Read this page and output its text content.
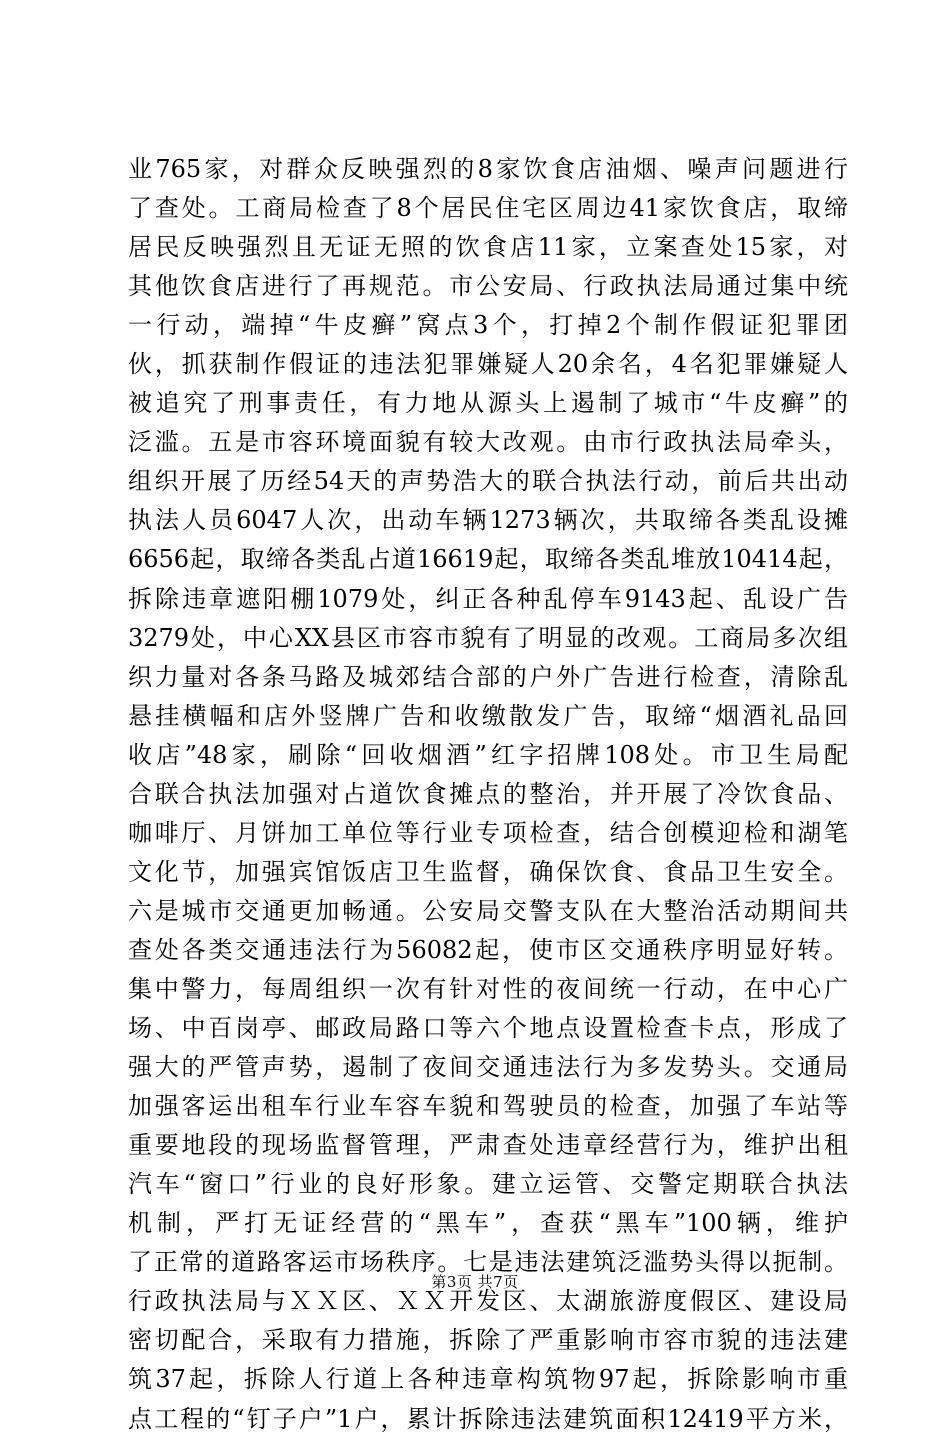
业765家，对群众反映强烈的8家饮食店油烟、噪声问题进行
了查处。工商局检查了8个居民住宅区周边41家饮食店，取缔
居民反映强烈且无证无照的饮食店11家，立案查处15家，对
其他饮食店进行了再规范。市公安局、行政执法局通过集中统
一行动，端掉“牛皮癣”窝点3个，打掉2个制作假证犯罪团
伙，抓获制作假证的违法犯罪嫌疑人20余名，4名犯罪嫌疑人
被追究了刑事责任，有力地从源头上遏制了城市“牛皮癣”的
泛滥。五是市容环境面貌有较大改观。由市行政执法局牵头，
组织开展了历经54天的声势浩大的联合执法行动，前后共出动
执法人员6047人次，出动车辆1273辆次，共取缔各类乱设摊
6656起，取缔各类乱占道16619起，取缔各类乱堆放10414起，
拆除违章遮阳棚1079处，纠正各种乱停车9143起、乱设广告
3279处，中心XX县区市容市貌有了明显的改观。工商局多次组
织力量对各条马路及城郊结合部的户外广告进行检查，清除乱
悬挂横幅和店外竖牌广告和收缴散发广告，取缔“烟酒礼品回
收店”48家，刷除“回收烟酒”红字招牌108处。市卫生局配
合联合执法加强对占道饮食摊点的整治，并开展了冷饮食品、
咖啡厅、月饼加工单位等行业专项检查，结合创模迎检和湖笔
文化节，加强宾馆饭店卫生监督，确保饮食、食品卫生安全。
六是城市交通更加畅通。公安局交警支队在大整治活动期间共
查处各类交通违法行为56082起，使市区交通秩序明显好转。
集中警力，每周组织一次有针对性的夜间统一行动，在中心广
场、中百岗亭、邮政局路口等六个地点设置检查卡点，形成了
强大的严管声势，遏制了夜间交通违法行为多发势头。交通局
加强客运出租车行业车容车貌和驾驶员的检查，加强了车站等
重要地段的现场监督管理，严肃查处违章经营行为，维护出租
汽车“窗口”行业的良好形象。建立运管、交警定期联合执法
机制，严打无证经营的“黑车”，查获“黑车”100辆，维护
了正常的道路客运市场秩序。七是违法建筑泛滥势头得以扼制。
行政执法局与ＸＸ区、ＸＸ开发区、太湖旅游度假区、建设局
密切配合，采取有力措施，拆除了严重影响市容市貌的违法建
筑37起，拆除人行道上各种违章构筑物97起，拆除影响市重
点工程的“钉子户”1户，累计拆除违法建筑面积12419平方米，
第3页 共7页
